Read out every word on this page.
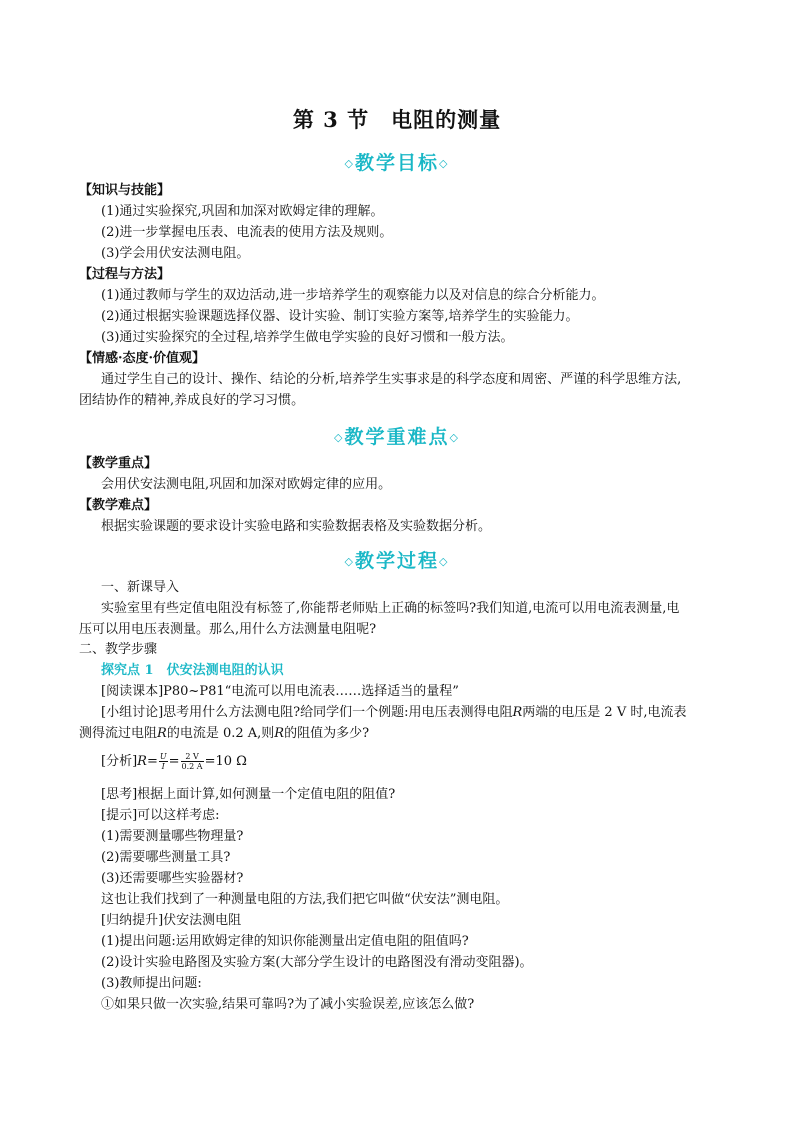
第 3 节　电阻的测量
◇教学目标◇
【知识与技能】
(1)通过实验探究,巩固和加深对欧姆定律的理解。
(2)进一步掌握电压表、电流表的使用方法及规则。
(3)学会用伏安法测电阻。
【过程与方法】
(1)通过教师与学生的双边活动,进一步培养学生的观察能力以及对信息的综合分析能力。
(2)通过根据实验课题选择仪器、设计实验、制订实验方案等,培养学生的实验能力。
(3)通过实验探究的全过程,培养学生做电学实验的良好习惯和一般方法。
【情感·态度·价值观】
通过学生自己的设计、操作、结论的分析,培养学生实事求是的科学态度和周密、严谨的科学思维方法,
团结协作的精神,养成良好的学习习惯。
◇教学重难点◇
【教学重点】
会用伏安法测电阻,巩固和加深对欧姆定律的应用。
【教学难点】
根据实验课题的要求设计实验电路和实验数据表格及实验数据分析。
◇教学过程◇
一、新课导入
实验室里有些定值电阻没有标签了,你能帮老师贴上正确的标签吗?我们知道,电流可以用电流表测量,电
压可以用电压表测量。那么,用什么方法测量电阻呢?
二、教学步骤
探究点 1　伏安法测电阻的认识
[阅读课本]P80~P81“电流可以用电流表……选择适当的量程”
[小组讨论]思考用什么方法测电阻?给同学们一个例题:用电压表测得电阻R两端的电压是 2 V 时,电流表
测得流过电阻R的电流是 0.2 A,则R的阻值为多少?
[分析]$R= \frac{U}{I} = \frac{2 V}{0.2 A} =10$ Ω
[思考]根据上面计算,如何测量一个定值电阻的阻值?
[提示]可以这样考虑:
(1)需要测量哪些物理量?
(2)需要哪些测量工具?
(3)还需要哪些实验器材?
这也让我们找到了一种测量电阻的方法,我们把它叫做“伏安法”测电阻。
[归纳提升]伏安法测电阻
(1)提出问题:运用欧姆定律的知识你能测量出定值电阻的阻值吗?
(2)设计实验电路图及实验方案(大部分学生设计的电路图没有滑动变阻器)。
(3)教师提出问题:
①如果只做一次实验,结果可靠吗?为了减小实验误差,应该怎么做?
